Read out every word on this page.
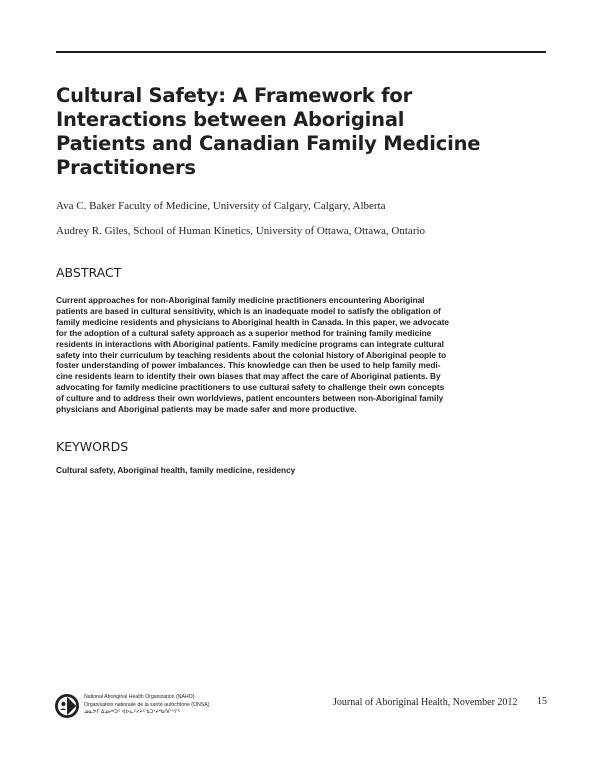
Cultural Safety: A Framework for
Interactions between Aboriginal
Patients and Canadian Family Medicine
Practitioners
Ava C. Baker Faculty of Medicine, University of Calgary, Calgary, Alberta
Audrey R. Giles, School of Human Kinetics, University of Ottawa, Ottawa, Ontario
ABSTRACT

Current approaches for non-Aboriginal family medicine practitioners encountering Aboriginal
patients are based in cultural sensitivity, which is an inadequate model to satisfy the obligation of
family medicine residents and physicians to Aboriginal health in Canada. In this paper, we advocate
for the adoption of a cultural safety approach as a superior method for training family medicine
residents in interactions with Aboriginal patients. Family medicine programs can integrate cultural
safety into their curriculum by teaching residents about the colonial history of Aboriginal people to
foster understanding of power imbalances. This knowledge can then be used to help family medi-
cine residents learn to identify their own biases that may affect the care of Aboriginal patients. By
advocating for family medicine practitioners to use cultural safety to challenge their own concepts
of culture and to address their own worldviews, patient encounters between non-Aboriginal family
physicians and Aboriginal patients may be made safer and more productive.

KEYWORDS

Cultural safety, Aboriginal health, family medicine, residency

National Aboriginal Health Organization (NAHO)
Organisation nationale de la santé autochtone (ONSA)
ᓄᓇᕗᒥ ᐃᓄᓱᒃᑐᑦ ᐊᐅᓚᑦᓯᔨᑦ ᑲᑐᔾᔨᖃᑎᒌᖏᑦ
Journal of Aboriginal Health, November 2012 15
